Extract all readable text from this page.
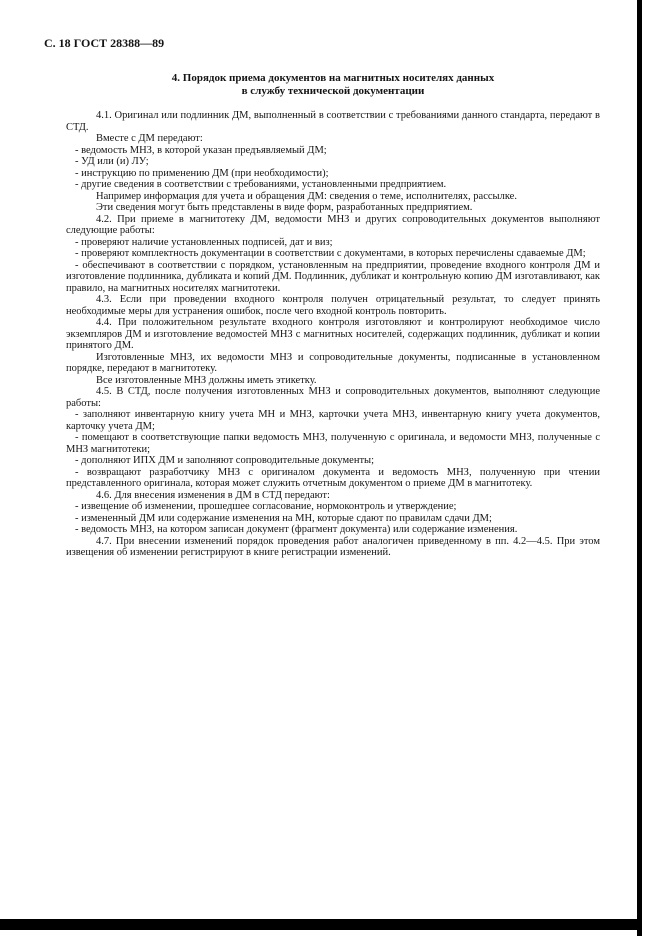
С. 18 ГОСТ 28388—89
4. Порядок приема документов на магнитных носителях данных
в службу технической документации

4.1. Оригинал или подлинник ДМ, выполненный в соответствии с требованиями данного стандарта, передают в СТД.

Вместе с ДМ передают:

- ведомость МНЗ, в которой указан предъявляемый ДМ;

- УД или (и) ЛУ;

- инструкцию по применению ДМ (при необходимости);

- другие сведения в соответствии с требованиями, установленными предприятием.

Например информация для учета и обращения ДМ: сведения о теме, исполнителях, рассылке.

Эти сведения могут быть представлены в виде форм, разработанных предприятием.

4.2. При приеме в магнитотеку ДМ, ведомости МНЗ и других сопроводительных документов выполняют следующие работы:

- проверяют наличие установленных подписей, дат и виз;

- проверяют комплектность документации в соответствии с документами, в которых перечислены сдаваемые ДМ;

- обеспечивают в соответствии с порядком, установленным на предприятии, проведение входного контроля ДМ и изготовление подлинника, дубликата и копий ДМ. Подлинник, дубликат и контрольную копию ДМ изготавливают, как правило, на магнитных носителях магнитотеки.

4.3. Если при проведении входного контроля получен отрицательный результат, то следует принять необходимые меры для устранения ошибок, после чего входной контроль повторить.

4.4. При положительном результате входного контроля изготовляют и контролируют необходимое число экземпляров ДМ и изготовление ведомостей МНЗ с магнитных носителей, содержащих подлинник, дубликат и копии принятого ДМ.

Изготовленные МНЗ, их ведомости МНЗ и сопроводительные документы, подписанные в установленном порядке, передают в магнитотеку.

Все изготовленные МНЗ должны иметь этикетку.

4.5. В СТД, после получения изготовленных МНЗ и сопроводительных документов, выполняют следующие работы:

- заполняют инвентарную книгу учета МН и МНЗ, карточки учета МНЗ, инвентарную книгу учета документов, карточку учета ДМ;

- помещают в соответствующие папки ведомость МНЗ, полученную с оригинала, и ведомости МНЗ, полученные с МНЗ магнитотеки;

- дополняют ИПХ ДМ и заполняют сопроводительные документы;

- возвращают разработчику МНЗ с оригиналом документа и ведомость МНЗ, полученную при чтении представленного оригинала, которая может служить отчетным документом о приеме ДМ в магнитотеку.

4.6. Для внесения изменения в ДМ в СТД передают:

- извещение об изменении, прошедшее согласование, нормоконтроль и утверждение;

- измененный ДМ или содержание изменения на МН, которые сдают по правилам сдачи ДМ;

- ведомость МНЗ, на котором записан документ (фрагмент документа) или содержание изменения.

4.7. При внесении изменений порядок проведения работ аналогичен приведенному в пп. 4.2—4.5. При этом извещения об изменении регистрируют в книге регистрации изменений.
